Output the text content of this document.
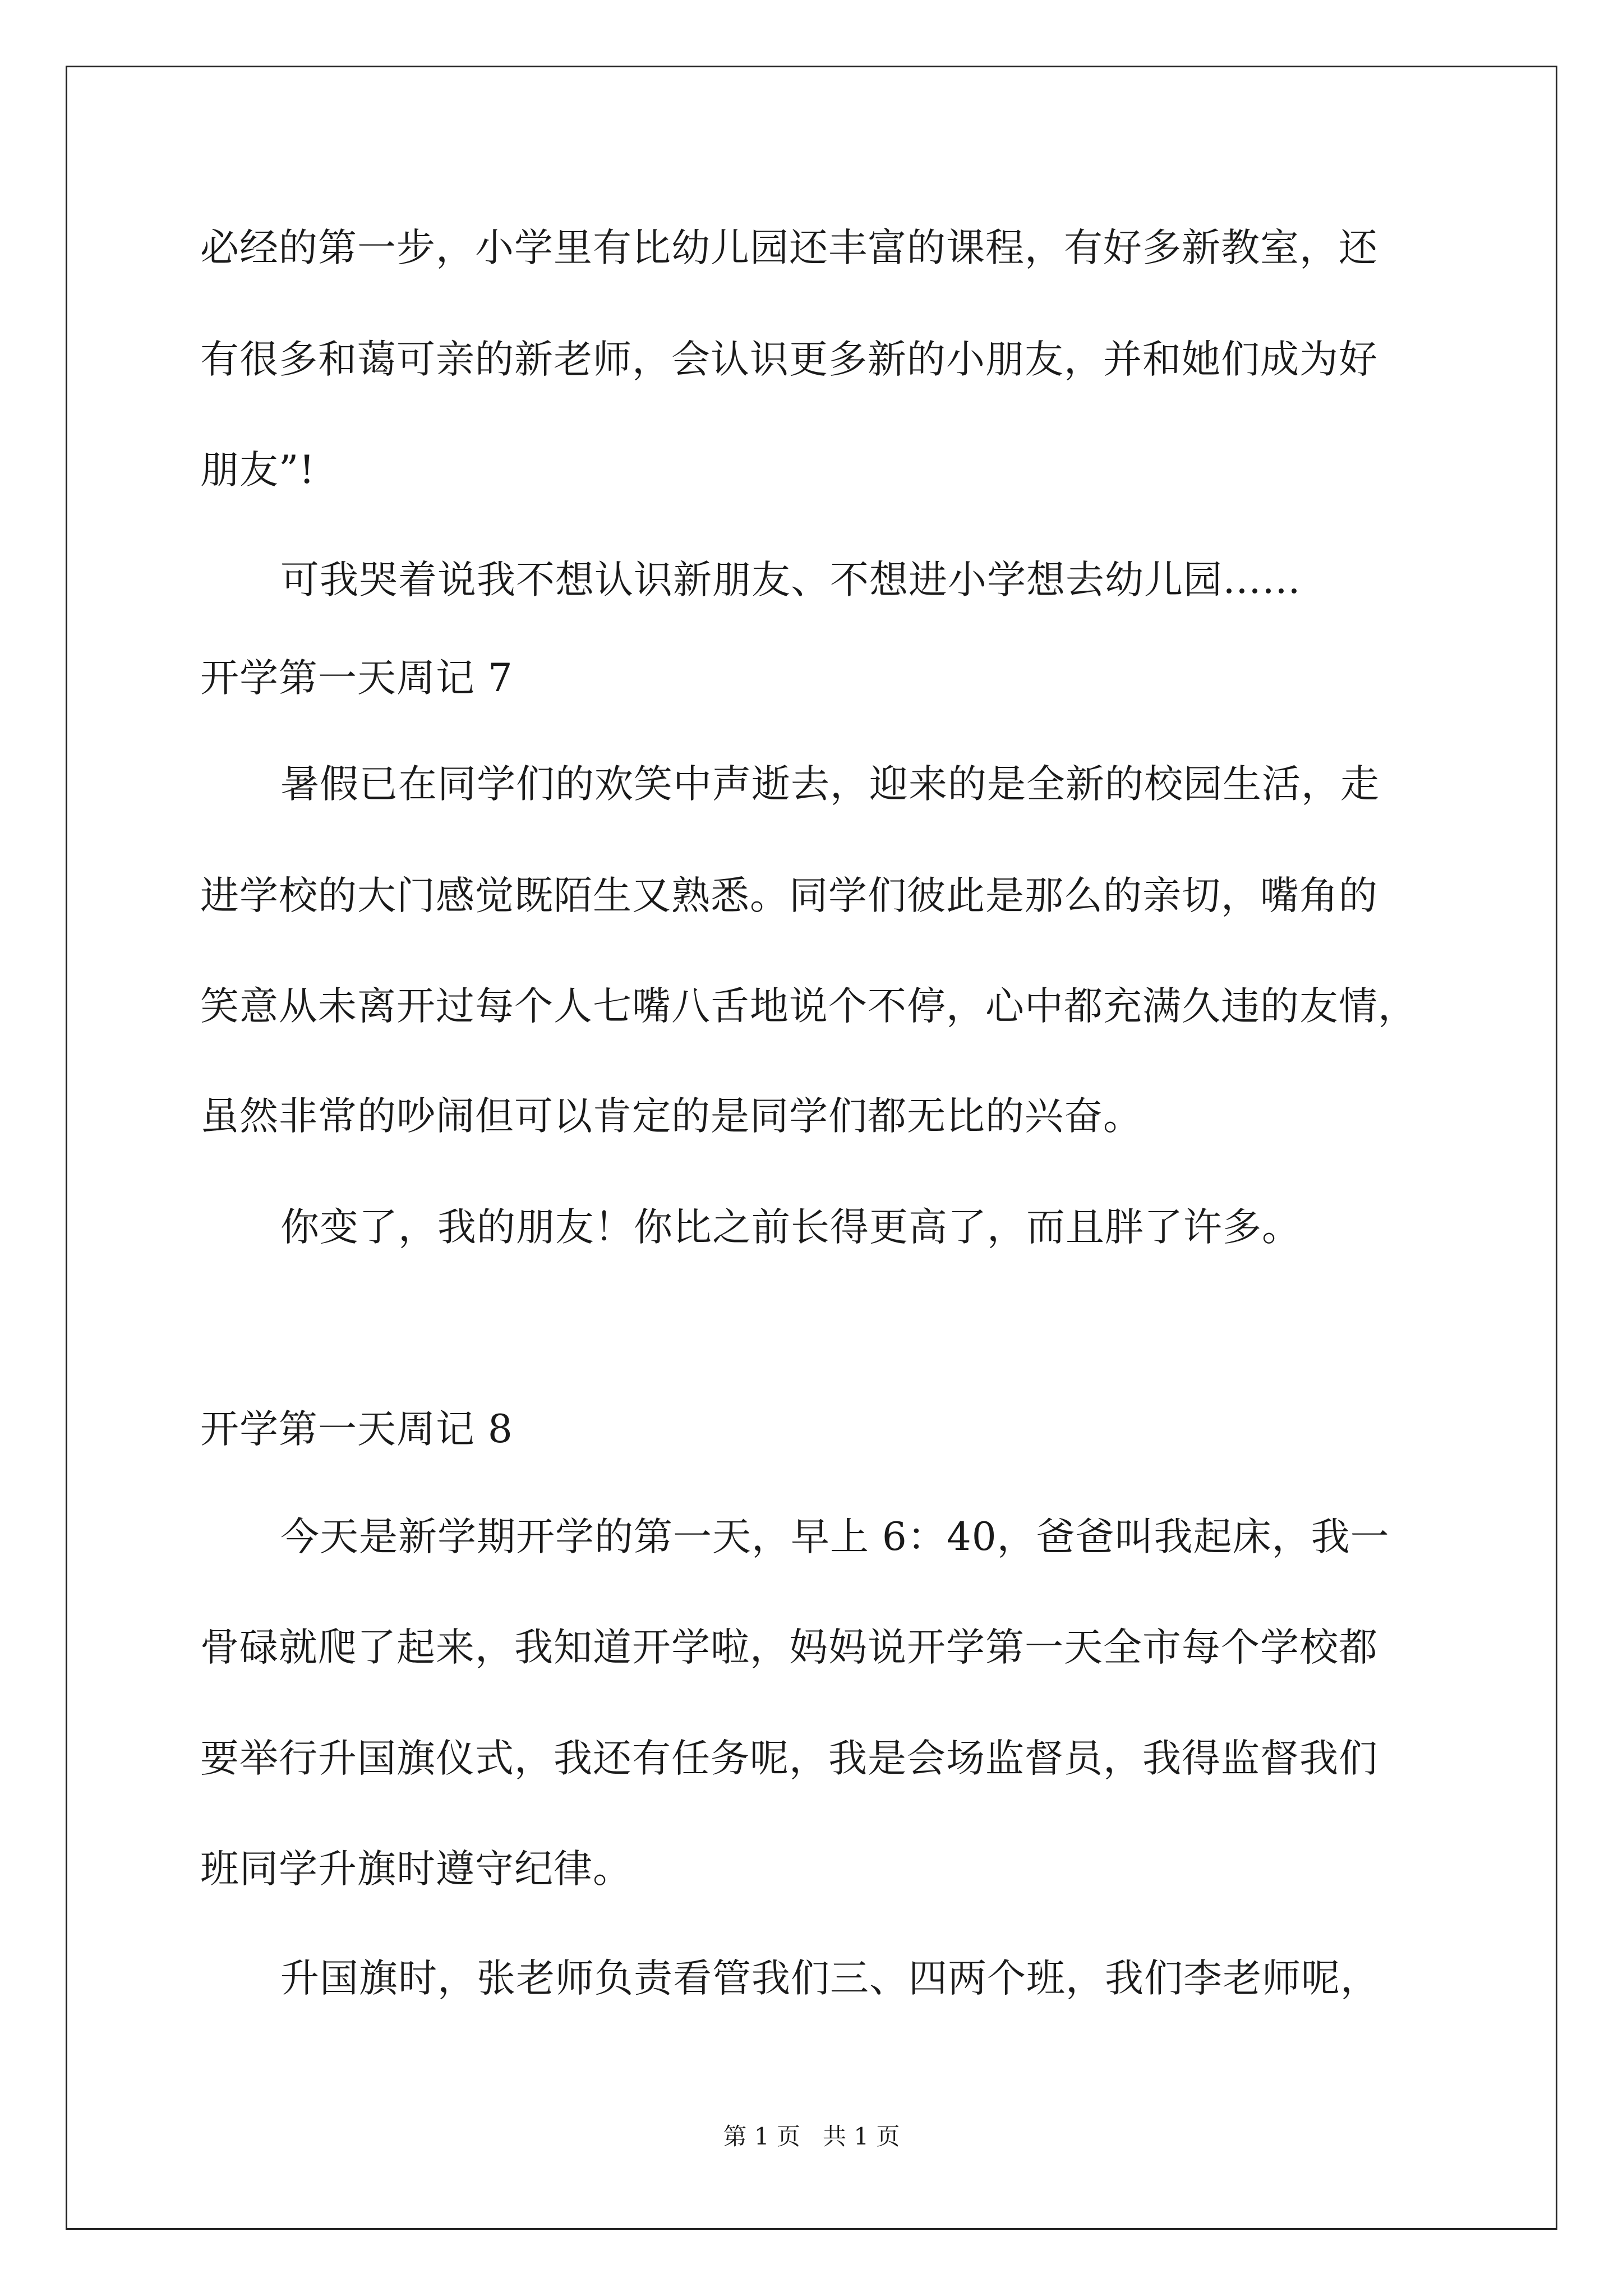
必经的第一步，小学里有比幼儿园还丰富的课程，有好多新教室，还
有很多和蔼可亲的新老师，会认识更多新的小朋友，并和她们成为好
朋友”!
可我哭着说我不想认识新朋友、不想进小学想去幼儿园……
开学第一天周记 7
暑假已在同学们的欢笑中声逝去，迎来的是全新的校园生活，走
进学校的大门感觉既陌生又熟悉。同学们彼此是那么的亲切，嘴角的
笑意从未离开过每个人七嘴八舌地说个不停，心中都充满久违的友情，
虽然非常的吵闹但可以肯定的是同学们都无比的兴奋。
你变了，我的朋友！你比之前长得更高了，而且胖了许多。
开学第一天周记 8
今天是新学期开学的第一天，早上 6：40，爸爸叫我起床，我一
骨碌就爬了起来，我知道开学啦，妈妈说开学第一天全市每个学校都
要举行升国旗仪式，我还有任务呢，我是会场监督员，我得监督我们
班同学升旗时遵守纪律。
升国旗时，张老师负责看管我们三、四两个班，我们李老师呢，
第 1 页   共 1 页
